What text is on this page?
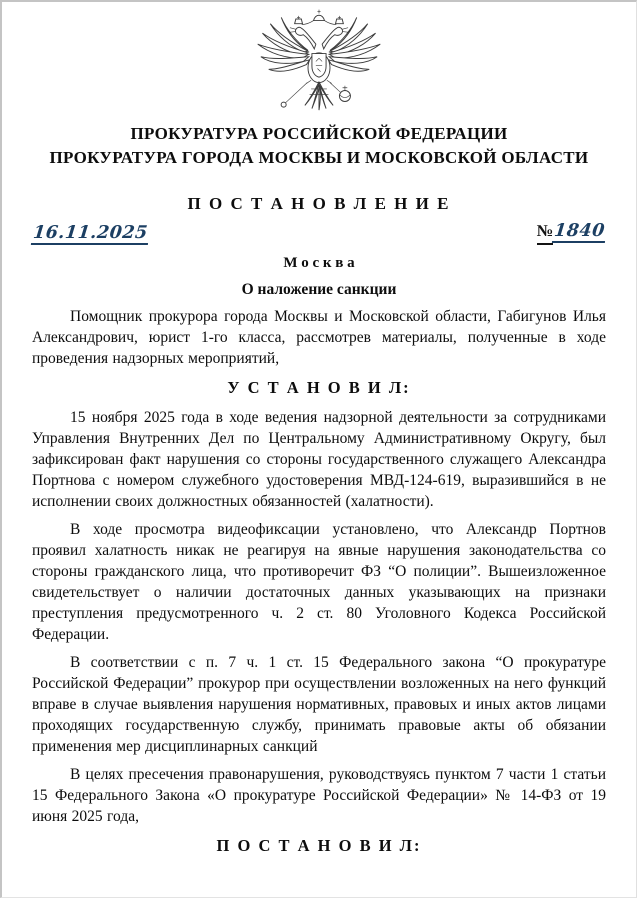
ПРОКУРАТУРА РОССИЙСКОЙ ФЕДЕРАЦИИ
ПРОКУРАТУРА ГОРОДА МОСКВЫ И МОСКОВСКОЙ ОБЛАСТИ
П О С Т А Н О В Л Е Н И Е
16.11.2025	№1840
М о с к в а
О наложение санкции

Помощник прокурора города Москвы и Московской области, Габигунов Илья Александрович, юрист 1-го класса, рассмотрев материалы, полученные в ходе проведения надзорных мероприятий,

У С Т А Н О В И Л:

15 ноября 2025 года в ходе ведения надзорной деятельности за сотрудниками Управления Внутренних Дел по Центральному Административному Округу, был зафиксирован факт нарушения со стороны государственного служащего Александра Портнова с номером служебного удостоверения МВД-124-619, выразившийся в не исполнении своих должностных обязанностей (халатности).

В ходе просмотра видеофиксации установлено, что Александр Портнов проявил халатность никак не реагируя на явные нарушения законодательства со стороны гражданского лица, что противоречит ФЗ “О полиции”. Вышеизложенное свидетельствует о наличии достаточных данных указывающих на признаки преступления предусмотренного ч. 2 ст. 80 Уголовного Кодекса Российской Федерации.

В соответствии с п. 7 ч. 1 ст. 15 Федерального закона “О прокуратуре Российской Федерации” прокурор при осуществлении возложенных на него функций вправе в случае выявления нарушения нормативных, правовых и иных актов лицами проходящих государственную службу, принимать правовые акты об обязании применения мер дисциплинарных санкций

В целях пресечения правонарушения, руководствуясь пунктом 7 части 1 статьи 15 Федерального Закона «О прокуратуре Российской Федерации» № 14-ФЗ от 19 июня 2025 года,

П О С Т А Н О В И Л:
